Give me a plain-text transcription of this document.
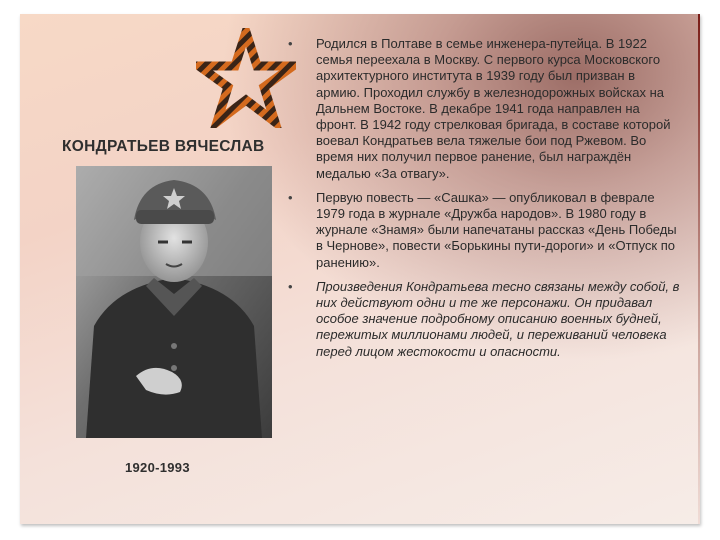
КОНДРАТЬЕВ ВЯЧЕСЛАВ
1920-1993
• Родился в Полтаве в семье инженера-путейца. В 1922 семья переехала в Москву. С первого курса Московского архитектурного института в 1939 году был призван в армию. Проходил службу в железнодорожных войсках на Дальнем Востоке. В декабре 1941 года направлен на фронт. В 1942 году стрелковая бригада, в составе которой воевал Кондратьев вела тяжелые бои под Ржевом. Во время них получил первое ранение, был награждён медалью «За отвагу».
• Первую повесть — «Сашка» — опубликовал в феврале 1979 года в журнале «Дружба народов». В 1980 году в журнале «Знамя» были напечатаны рассказ «День Победы в Чернове», повести «Борькины пути-дороги» и «Отпуск по ранению».
• Произведения Кондратьева тесно связаны между собой, в них действуют одни и те же персонажи. Он придавал особое значение подробному описанию военных будней, пережитых миллионами людей, и переживаний человека перед лицом жестокости и опасности.
